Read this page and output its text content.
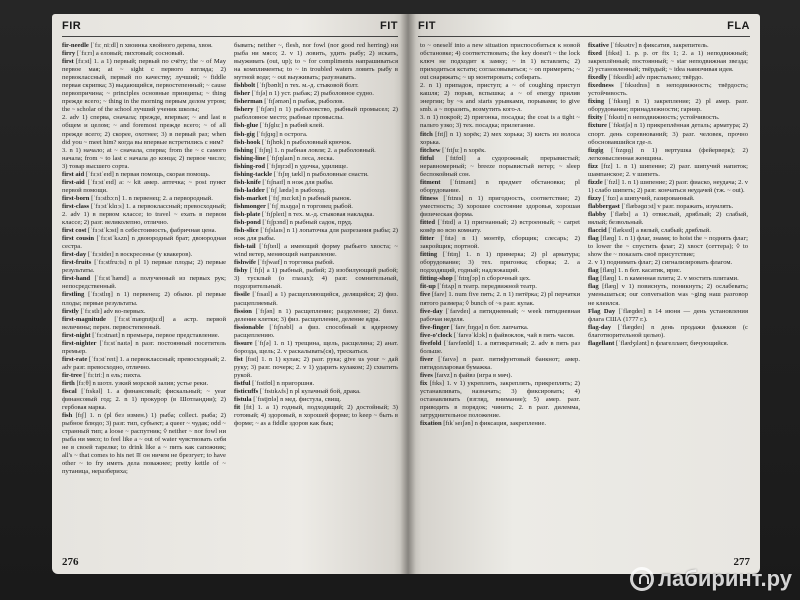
FIR	FIT

fir-needle [ˈfɜːˌniːdl] n хвоинка хвойного дерева, хвоя.

firry [ˈfɜːrɪ] a еловый; пихтовый; сосновый.

first [fɜːst] 1. a 1) первый; первый по счёту; the ~ of May первое мая; at ~ sight с первого взгляда; 2) первоклассный, первый по качеству; лучший; ~ fiddle первая скрипка; 3) выдающийся, первостепенный; ~ cause первопричина; ~ principles основные принципы; ~ thing прежде всего; ~ thing in the morning первым делом утром; the ~ scholar of the school лучший ученик школы;

2. adv 1) сперва, сначала; прежде, впервые; ~ and last в общем и целом; ~ and foremost прежде всего; ~ of all прежде всего; 2) скорее, охотнее; 3) в первый раз; when did you ~ meet him? когда вы впервые встретились с ним?

3. n 1) начало; at ~ сначала, сперва; from the ~ с самого начала; from ~ to last с начала до конца; 2) первое число; 3) товар высшего сорта.

first aid [ˈfɜːstˈeɪd] n первая помощь, скорая помощь.

first-aid [ˈfɜːstˈeɪd] a: ~ kit амер. аптечка; ~ post пункт первой помощи.

first-born [ˈfɜːstbɔːn] 1. n первенец; 2. a первородный.

first-class [ˈfɜːstˈklɑːs] 1. a первоклассный; превосходный; 2. adv 1) в первом классе; to travel ~ ехать в первом классе; 2) разг. великолепно, отлично.

first cost [ˈfɜːstˈkɔst] n себестоимость, фабричная цена.

first cousin [ˈfɜːstˈkʌzn] n двоюродный брат; двоюродная сестра.

first-day [ˈfɜːstdeɪ] n воскресенье (у квакеров).

first-fruits [ˈfɜːstfruːts] n pl 1) первые плоды; 2) первые результаты.

first-hand [ˈfɜːstˈhænd] a полученный из первых рук; непосредственный.

firstling [ˈfɜːstlɪŋ] n 1) первенец; 2) обыкн. pl первые плоды; первые результаты.

firstly [ˈfɜːstlɪ] adv во-первых.

first-magnitude [ˈfɜːstˈmæɡnɪtjuːd] a астр. первой величины; перен. первостепенный.

first-night [ˈfɜːstnaɪt] n премьера, первое представление.

first-nighter [ˈfɜːstˈnaɪtə] n разг. постоянный посетитель премьер.

first-rate [ˈfɜːstˈreɪt] 1. a первоклассный; превосходный; 2. adv разг. превосходно, отлично.

fir-tree [ˈfɜːtriː] n ель; пихта.

firth [fɜːθ] n шотл. узкий морской залив; устье реки.

fiscal [ˈfɪskəl] 1. a финансовый; фискальный; ~ year финансовый год; 2. n 1) прокурор (в Шотландии); 2) гербовая марка.

fish [fɪʃ] 1. n (pl без измен.) 1) рыба; collect. рыба; 2) рыбное блюдо; 3) разг. тип, субъект; a queer ~ чудак; odd ~ странный тип; a loose ~ распутник; ◊ neither ~ nor fowl ни рыба ни мясо; to feel like a ~ out of water чувствовать себя не в своей тарелке; to drink like a ~ пить как сапожник; all's ~ that comes to his net ≅ он ничем не брезгует; to have other ~ to fry иметь дела поважнее; pretty kettle of ~ путаница, неразбериха;

бывать; neither ~, flesh, nor fowl (nor good red herring) ни рыба ни мясо; 2. v 1) ловить, удить рыбу; 2) искать, выуживать (out, up); to ~ for compliments напрашиваться на комплименты; to ~ in troubled waters ловить рыбу в мутной воде; ~ out выуживать; разузнавать.

fishbolt [ˈfɪʃbəʊlt] n тех. м.-д. стыковой болт.

fisher [ˈfɪʃə] n 1) уст. рыбак; 2) рыболовное судно.

fisherman [ˈfɪʃəmən] n рыбак, рыболов.

fishery [ˈfɪʃərɪ] n 1) рыболовство, рыбный промысел; 2) рыболовное место; рыбные промыслы.

fish-glue [ˈfɪʃɡluː] n рыбий клей.

fish-gig [ˈfɪʃɡɪɡ] n острога.

fish-hook [ˈfɪʃhʊk] n рыболовный крючок.

fishing [ˈfɪʃɪŋ] 1. n рыбная ловля; 2. a рыболовный.

fishing-line [ˈfɪʃɪŋlaɪn] n леса, леска.

fishing-rod [ˈfɪʃɪŋrɔd] n удочка, удилище.

fishing-tackle [ˈfɪʃɪŋˌtækl] n рыболовные снасти.

fish-knife [ˈfɪʃnaɪf] n нож для рыбы.

fish-ladder [ˈfɪʃˌlædə] n рыбоход.

fish-market [ˈfɪʃˌmɑːkɪt] n рыбный рынок.

fishmonger [ˈfɪʃˌmʌŋɡə] n торговец рыбой.

fish-plate [ˈfɪʃpleɪt] n тех. м.-д. стыковая накладка.

fish-pond [ˈfɪʃpɔnd] n рыбный садок, пруд.

fish-slice [ˈfɪʃslaɪs] n 1) лопаточка для разрезания рыбы; 2) нож для рыбы.

fish-tail [ˈfɪʃteɪl] a имеющий форму рыбьего хвоста; ~ wind ветер, меняющий направление.

fishwife [ˈfɪʃwaɪf] n торговка рыбой.

fishy [ˈfɪʃɪ] a 1) рыбный, рыбий; 2) изобилующий рыбой; 3) тусклый (о глазах); 4) разг. сомнительный, подозрительный.

fissile [ˈfɪsaɪl] a 1) расщепляющийся, делящийся; 2) физ. расщепляемый.

fission [ˈfɪʃən] n 1) расщепление; разделение; 2) биол. деление клетки; 3) физ. расщепление, деление ядра.

fissionable [ˈfɪʃnəbl] a физ. способный к ядерному расщеплению.

fissure [ˈfɪʃə] 1. n 1) трещина, щель, расщелина; 2) анат. борозда, щель; 2. v раскалывать(ся), трескаться.

fist [fɪst] 1. n 1) кулак; 2) разг. рука; give us your ~ дай руку; 3) разг. почерк; 2. v 1) ударить кулаком; 2) схватить рукой.

fistful [ˈfɪstfʊl] n пригоршня.

fisticuffs [ˈfɪstɪkʌfs] n pl кулачный бой, драка.

fistula [ˈfɪstjʊlə] n мед. фистула, свищ.

fit [fɪt] 1. a 1) годный, подходящий; 2) достойный; 3) готовый; 4) здоровый, в хорошей форме; to keep ~ быть в форме; ~ as a fiddle здоров как бык;

276
FIT	FLA

to ~ oneself into a new situation приспособиться к новой обстановке; 4) соответствовать; the key doesn't ~ the lock ключ не подходит к замку; ~ in 1) вставлять; 2) приходиться кстати; согласовываться; ~ on примерять; ~ out снаряжать; ~ up монтировать; собирать.

2. n 1) припадок, приступ; a ~ of coughing приступ кашля; 2) порыв, вспышка; a ~ of energy прилив энергии; by ~s and starts урывками, порывами; to give smb. a ~ поразить, возмутить кого-л.

3. n 1) покрой; 2) пригонка, посадка; the coat is a tight ~ пальто узко; 3) тех. посадка; прилегание.

fitch [fɪtʃ] n 1) хорёк; 2) мех хорька; 3) кисть из волоса хорька.

fitchew [ˈfɪtʃuː] n хорёк.

fitful [ˈfɪtfʊl] a судорожный; прерывистый; неравномерный; ~ breeze порывистый ветер; ~ sleep беспокойный сон.

fitment [ˈfɪtmənt] n предмет обстановки; pl оборудование.

fitness [ˈfɪtnɪs] n 1) пригодность, соответствие; 2) уместность; 3) хорошее состояние здоровья, хорошая физическая форма.

fitted [ˈfɪtɪd] a 1) пригнанный; 2) встроенный; ~ carpet ковёр во всю комнату.

fitter [ˈfɪtə] n 1) монтёр, сборщик; слесарь; 2) закройщик; портной.

fitting [ˈfɪtɪŋ] 1. n 1) примерка; 2) pl арматура; оборудование; 3) тех. пригонка; сборка; 2. a подходящий, годный; надлежащий.

fitting-shop [ˈfɪtɪŋʃɔp] n сборочный цех.

fit-up [ˈfɪtʌp] n театр. передвижной театр.

five [faɪv] 1. num five пять; 2. n 1) пятёрка; 2) pl перчатки пятого размера; ◊ bunch of ~s разг. кулак.

five-day [ˈfaɪvdeɪ] a пятидневный; ~ week пятидневная рабочая неделя.

five-finger [ˈfaɪvˌfɪŋɡə] n бот. лапчатка.

five-o'clock [ˈfaɪvəˈklɔk] n файвоклок, чай в пять часов.

fivefold [ˈfaɪvfəʊld] 1. a пятикратный; 2. adv в пять раз больше.

fiver [ˈfaɪvə] n разг. пятифунтовый банкнот; амер. пятидолларовая бумажка.

fives [faɪvz] n файвз (игра в мяч).

fix [fɪks] 1. v 1) укреплять, закреплять, прикреплять; 2) устанавливать, назначать; 3) фиксировать; 4) останавливать (взгляд, внимание); 5) амер. разг. приводить в порядок; чинить; 2. n разг. дилемма, затруднительное положение.

fixation [fɪkˈseɪʃən] n фиксация, закрепление.

fixative [ˈfɪksətɪv] n фиксатив, закрепитель.

fixed [fɪkst] 1. p. p. от fix 1; 2. a 1) неподвижный; закреплённый; постоянный; ~ star неподвижная звезда; 2) установленный; твёрдый; ~ idea навязчивая идея.

fixedly [ˈfɪksɪdlɪ] adv пристально; твёрдо.

fixedness [ˈfɪksɪdnɪs] n неподвижность; твёрдость; устойчивость.

fixing [ˈfɪksɪŋ] n 1) закрепление; 2) pl амер. разг. оборудование; принадлежности; гарнир.

fixity [ˈfɪksɪtɪ] n неподвижность; устойчивость.

fixture [ˈfɪkstʃə] n 1) прикреплённая деталь; арматура; 2) спорт. день соревнований; 3) разг. человек, прочно обосновавшийся где-л.

fizgig [ˈfɪzɡɪɡ] n 1) вертушка (фейерверк); 2) легкомысленная женщина.

fizz [fɪz] 1. n 1) шипение; 2) разг. шипучий напиток; шампанское; 2. v шипеть.

fizzle [ˈfɪzl] 1. n 1) шипение; 2) разг. фиаско, неудача; 2. v 1) слабо шипеть; 2) разг. кончаться неудачей (тж. ~ out).

fizzy [ˈfɪzɪ] a шипучий, газированный.

flabbergast [ˈflæbəɡɑːst] v разг. поражать, изумлять.

flabby [ˈflæbɪ] a 1) отвислый, дряблый; 2) слабый, вялый; безвольный.

flaccid [ˈflæksɪd] a вялый, слабый; дряблый.

flag [flæɡ] 1. n 1) флаг, знамя; to hoist the ~ поднять флаг; to lower the ~ спустить флаг; 2) хвост (сеттера); ◊ to show the ~ показать своё присутствие;

2. v 1) поднимать флаг; 2) сигнализировать флагом.

flag [flæɡ] 1. n бот. касатик, ирис.

flag [flæɡ] 1. n каменная плита; 2. v мостить плитами.

flag [flæɡ] v 1) повиснуть, поникнуть; 2) ослабевать; уменьшаться; our conversation was ~ging наш разговор не клеился.

Flag Day [ˈflæɡdeɪ] n 14 июня — день установления флага США (1777 г.).

flag-day [ˈflæɡdeɪ] n день продажи флажков (с благотворительной целью).

flagellant [ˈflædʒɪlənt] n флагеллант, бичующийся.

277
лабиринт.ру
